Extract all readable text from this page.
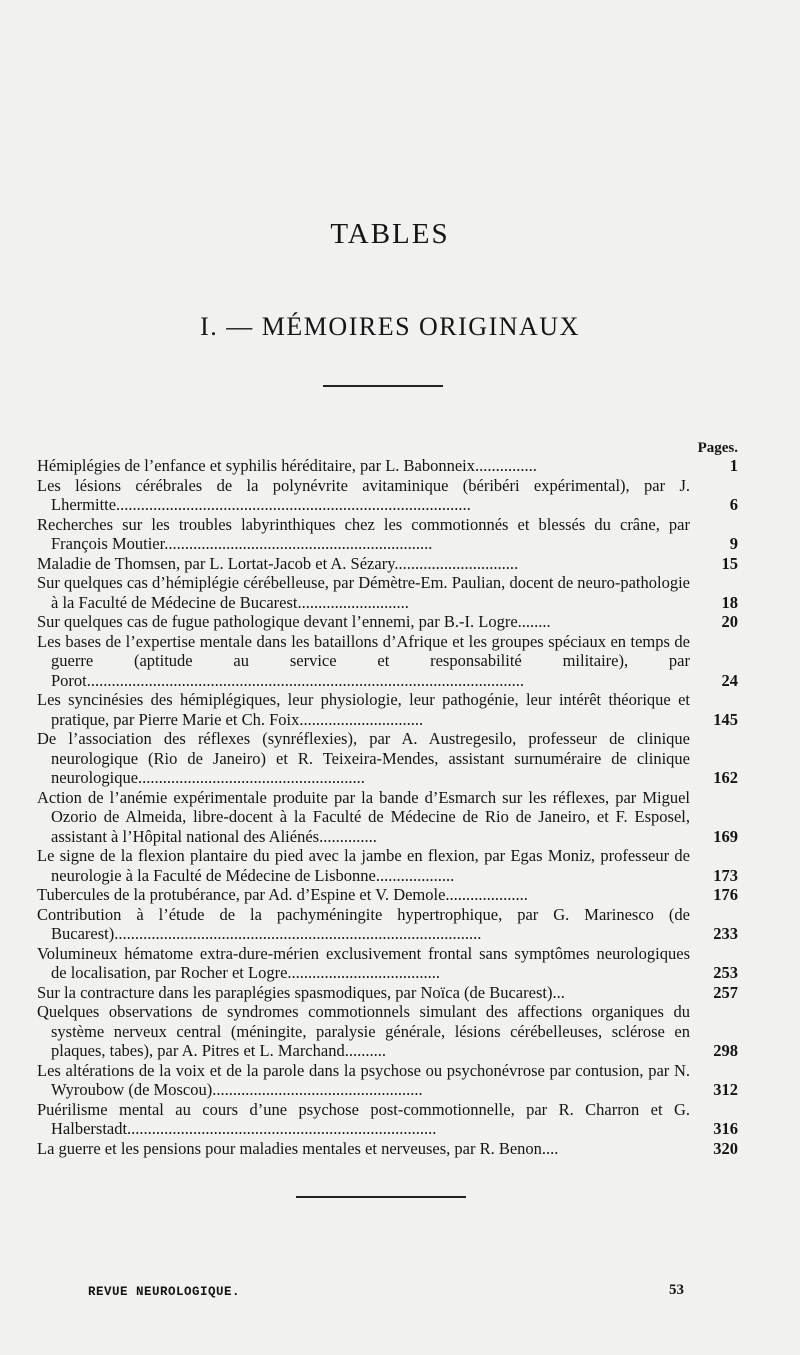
TABLES
I. — MÉMOIRES ORIGINAUX
Pages.
Hémiplégies de l’enfance et syphilis héréditaire, par L. Babonneix...............	1
Les lésions cérébrales de la polynévrite avitaminique (béribéri expérimental), par J. Lhermitte......................................................................................	6
Recherches sur les troubles labyrinthiques chez les commotionnés et blessés du crâne, par François Moutier.................................................................	9
Maladie de Thomsen, par L. Lortat-Jacob et A. Sézary..............................	15
Sur quelques cas d’hémiplégie cérébelleuse, par Démètre-Em. Paulian, docent de neuro-pathologie à la Faculté de Médecine de Bucarest...........................	18
Sur quelques cas de fugue pathologique devant l’ennemi, par B.-I. Logre........	20
Les bases de l’expertise mentale dans les bataillons d’Afrique et les groupes spéciaux en temps de guerre (aptitude au service et responsabilité militaire), par Porot..........................................................................................................	24
Les syncinésies des hémiplégiques, leur physiologie, leur pathogénie, leur intérêt théorique et pratique, par Pierre Marie et Ch. Foix..............................	145
De l’association des réflexes (synréflexies), par A. Austregesilo, professeur de clinique neurologique (Rio de Janeiro) et R. Teixeira-Mendes, assistant surnuméraire de clinique neurologique.......................................................	162
Action de l’anémie expérimentale produite par la bande d’Esmarch sur les réflexes, par Miguel Ozorio de Almeida, libre-docent à la Faculté de Médecine de Rio de Janeiro, et F. Esposel, assistant à l’Hôpital national des Aliénés..............	169
Le signe de la flexion plantaire du pied avec la jambe en flexion, par Egas Moniz, professeur de neurologie à la Faculté de Médecine de Lisbonne...................	173
Tubercules de la protubérance, par Ad. d’Espine et V. Demole....................	176
Contribution à l’étude de la pachyméningite hypertrophique, par G. Marinesco (de Bucarest).........................................................................................	233
Volumineux hématome extra-dure-mérien exclusivement frontal sans symptômes neurologiques de localisation, par Rocher et Logre.....................................	253
Sur la contracture dans les paraplégies spasmodiques, par Noïca (de Bucarest)...	257
Quelques observations de syndromes commotionnels simulant des affections organiques du système nerveux central (méningite, paralysie générale, lésions cérébelleuses, sclérose en plaques, tabes), par A. Pitres et L. Marchand..........	298
Les altérations de la voix et de la parole dans la psychose ou psychonévrose par contusion, par N. Wyroubow (de Moscou)...................................................	312
Puérilisme mental au cours d’une psychose post-commotionnelle, par R. Charron et G. Halberstadt...........................................................................	316
La guerre et les pensions pour maladies mentales et nerveuses, par R. Benon....	320
REVUE NEUROLOGIQUE.	53
